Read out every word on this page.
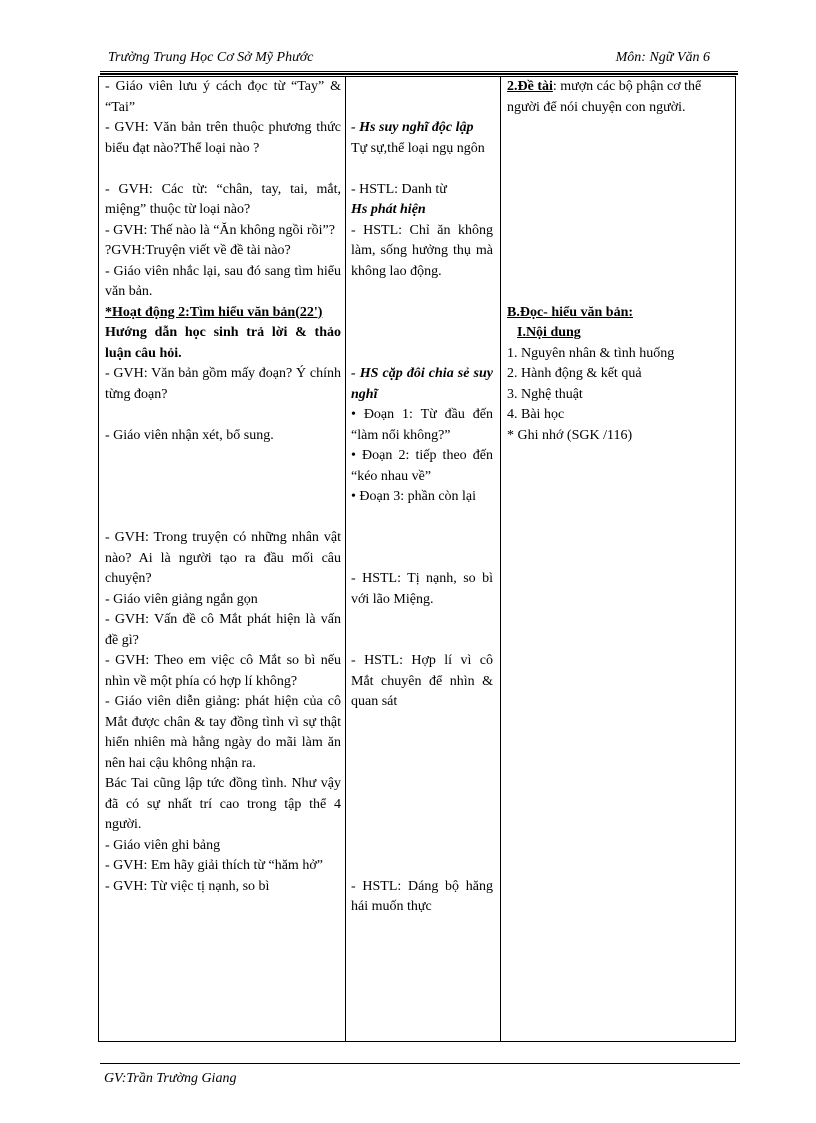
Trường Trung Học Cơ Sở Mỹ Phước	Môn: Ngữ Văn 6
- Giáo viên lưu ý cách đọc từ “Tay” & “Tai”
- GVH: Văn bản trên thuộc phương thức biểu đạt nào?Thể loại nào ?
- GVH: Các từ: “chân, tay, tai, mắt, miệng” thuộc từ loại nào?
- GVH: Thế nào là “Ăn không ngồi rồi”?
?GVH:Truyện viết về đề tài nào?
- Giáo viên nhắc lại, sau đó sang tìm hiểu văn bản.
*Hoạt động 2:Tìm hiểu văn bản(22')
Hướng dẫn học sinh trả lời & thảo luận câu hỏi.
- GVH: Văn bản gồm mấy đoạn? Ý chính từng đoạn?
- Giáo viên nhận xét, bổ sung.
- GVH: Trong truyện có những nhân vật nào? Ai là người tạo ra đầu mối câu chuyện?
- Giáo viên giảng ngắn gọn
- GVH: Vấn đề cô Mắt phát hiện là vấn đề gì?
- GVH: Theo em việc cô Mắt so bì nếu nhìn về một phía có hợp lí không?
- Giáo viên diễn giảng: phát hiện của cô Mắt được chân & tay đồng tình vì sự thật hiển nhiên mà hằng ngày do mãi làm ăn nên hai cậu không nhận ra.
Bác Tai cũng lập tức đồng tình. Như vậy đã có sự nhất trí cao trong tập thể 4 người.
- Giáo viên ghi bảng
- GVH: Em hãy giải thích từ “hăm hở”
- GVH: Từ việc tị nạnh, so bì
- Hs suy nghĩ độc lập
Tự sự,thể loại ngụ ngôn
- HSTL: Danh từ
Hs phát hiện
- HSTL: Chỉ ăn không làm, sống hưởng thụ mà không lao động.
- HS cặp đôi chia sẻ suy nghĩ
• Đoạn 1: Từ đầu đến “làm nổi không?”
• Đoạn 2: tiếp theo đến “kéo nhau về”
• Đoạn 3: phần còn lại
- HSTL: Tị nạnh, so bì với lão Miệng.
- HSTL: Hợp lí vì cô Mắt chuyên để nhìn & quan sát
- HSTL: Dáng bộ hăng hái muốn thực
2.Đề tài: mượn các bộ phận cơ thể người để nói chuyện con người.
B.Đọc- hiểu văn bản:
I.Nội dung
1. Nguyên nhân & tình huống
2. Hành động & kết quả
3. Nghệ thuật
4. Bài học
* Ghi nhớ (SGK /116)
GV:Trần Trường Giang
